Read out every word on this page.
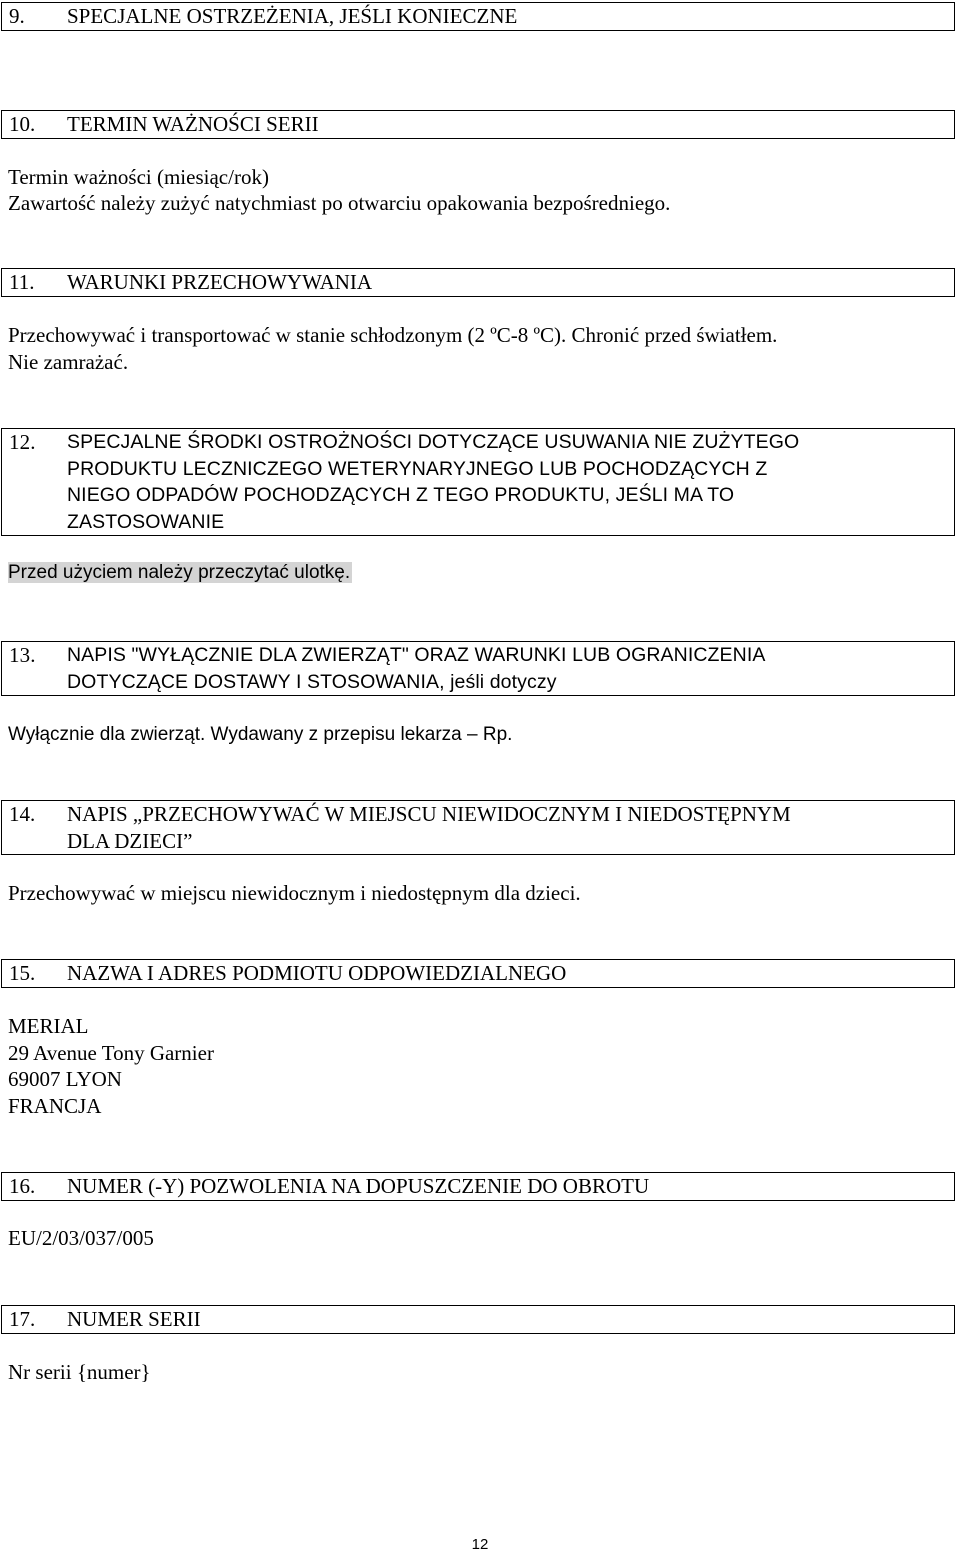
9.	SPECJALNE OSTRZEŻENIA, JEŚLI KONIECZNE
10.	TERMIN WAŻNOŚCI SERII
Termin ważności (miesiąc/rok)
Zawartość należy zużyć natychmiast po otwarciu opakowania bezpośredniego.
11.	WARUNKI PRZECHOWYWANIA
Przechowywać i transportować w stanie schłodzonym (2 ºC-8 ºC). Chronić przed światłem.
Nie zamrażać.
12.	SPECJALNE ŚRODKI OSTROŻNOŚCI DOTYCZĄCE USUWANIA NIE ZUŻYTEGO
PRODUKTU LECZNICZEGO WETERYNARYJNEGO LUB POCHODZĄCYCH Z
NIEGO ODPADÓW POCHODZĄCYCH Z TEGO PRODUKTU, JEŚLI MA TO
ZASTOSOWANIE
Przed użyciem należy przeczytać ulotkę.
13.	NAPIS "WYŁĄCZNIE DLA ZWIERZĄT" ORAZ WARUNKI LUB OGRANICZENIA
DOTYCZĄCE DOSTAWY I STOSOWANIA, jeśli dotyczy
Wyłącznie dla zwierząt. Wydawany z przepisu lekarza – Rp.
14.	NAPIS „PRZECHOWYWAĆ W MIEJSCU NIEWIDOCZNYM I NIEDOSTĘPNYM
DLA DZIECI”
Przechowywać w miejscu niewidocznym i niedostępnym dla dzieci.
15.	NAZWA I ADRES PODMIOTU ODPOWIEDZIALNEGO
MERIAL
29 Avenue Tony Garnier
69007 LYON
FRANCJA
16.	NUMER (-Y) POZWOLENIA NA DOPUSZCZENIE DO OBROTU
EU/2/03/037/005
17.	NUMER SERII
Nr serii {numer}
12
